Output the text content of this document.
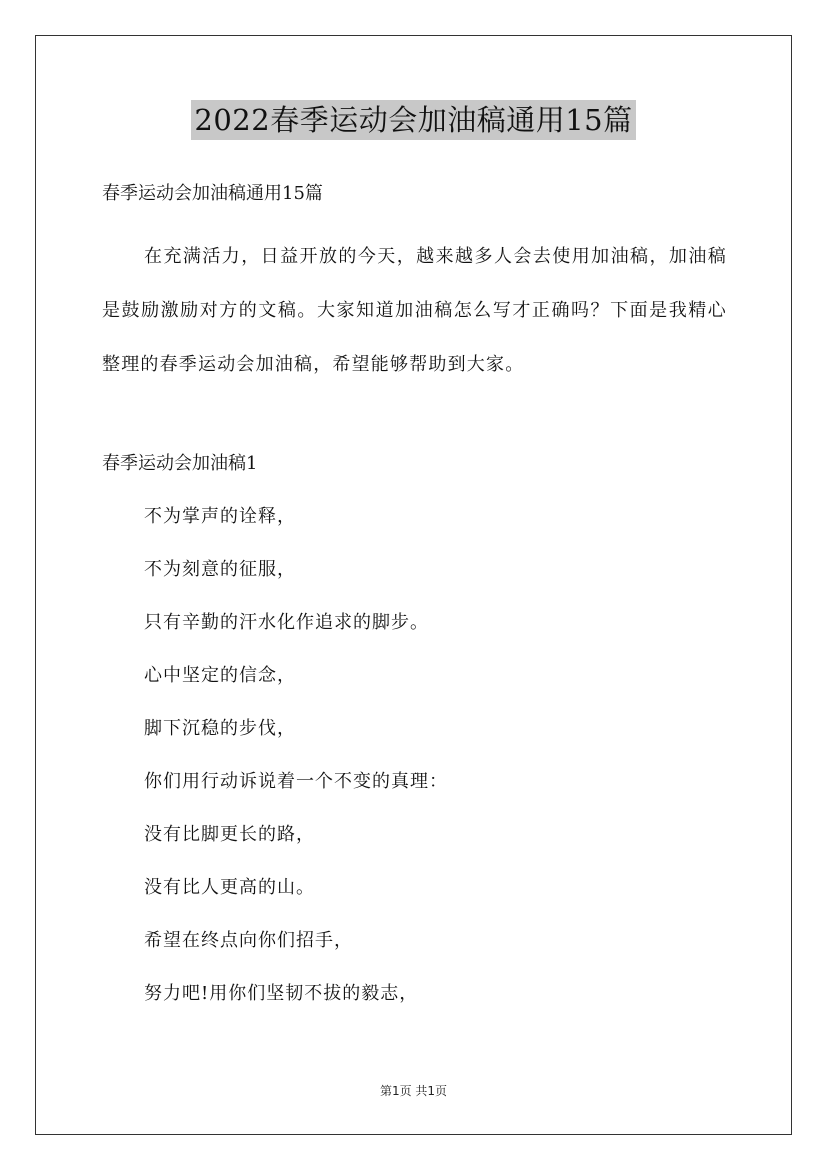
2022春季运动会加油稿通用15篇
春季运动会加油稿通用15篇

在充满活力，日益开放的今天，越来越多人会去使用加油稿，加油稿是鼓励激励对方的文稿。大家知道加油稿怎么写才正确吗？下面是我精心整理的春季运动会加油稿，希望能够帮助到大家。

春季运动会加油稿1
不为掌声的诠释，
不为刻意的征服，
只有辛勤的汗水化作追求的脚步。
心中坚定的信念，
脚下沉稳的步伐，
你们用行动诉说着一个不变的真理：
没有比脚更长的路，
没有比人更高的山。
希望在终点向你们招手，
努力吧!用你们坚韧不拔的毅志，
第1页 共1页
